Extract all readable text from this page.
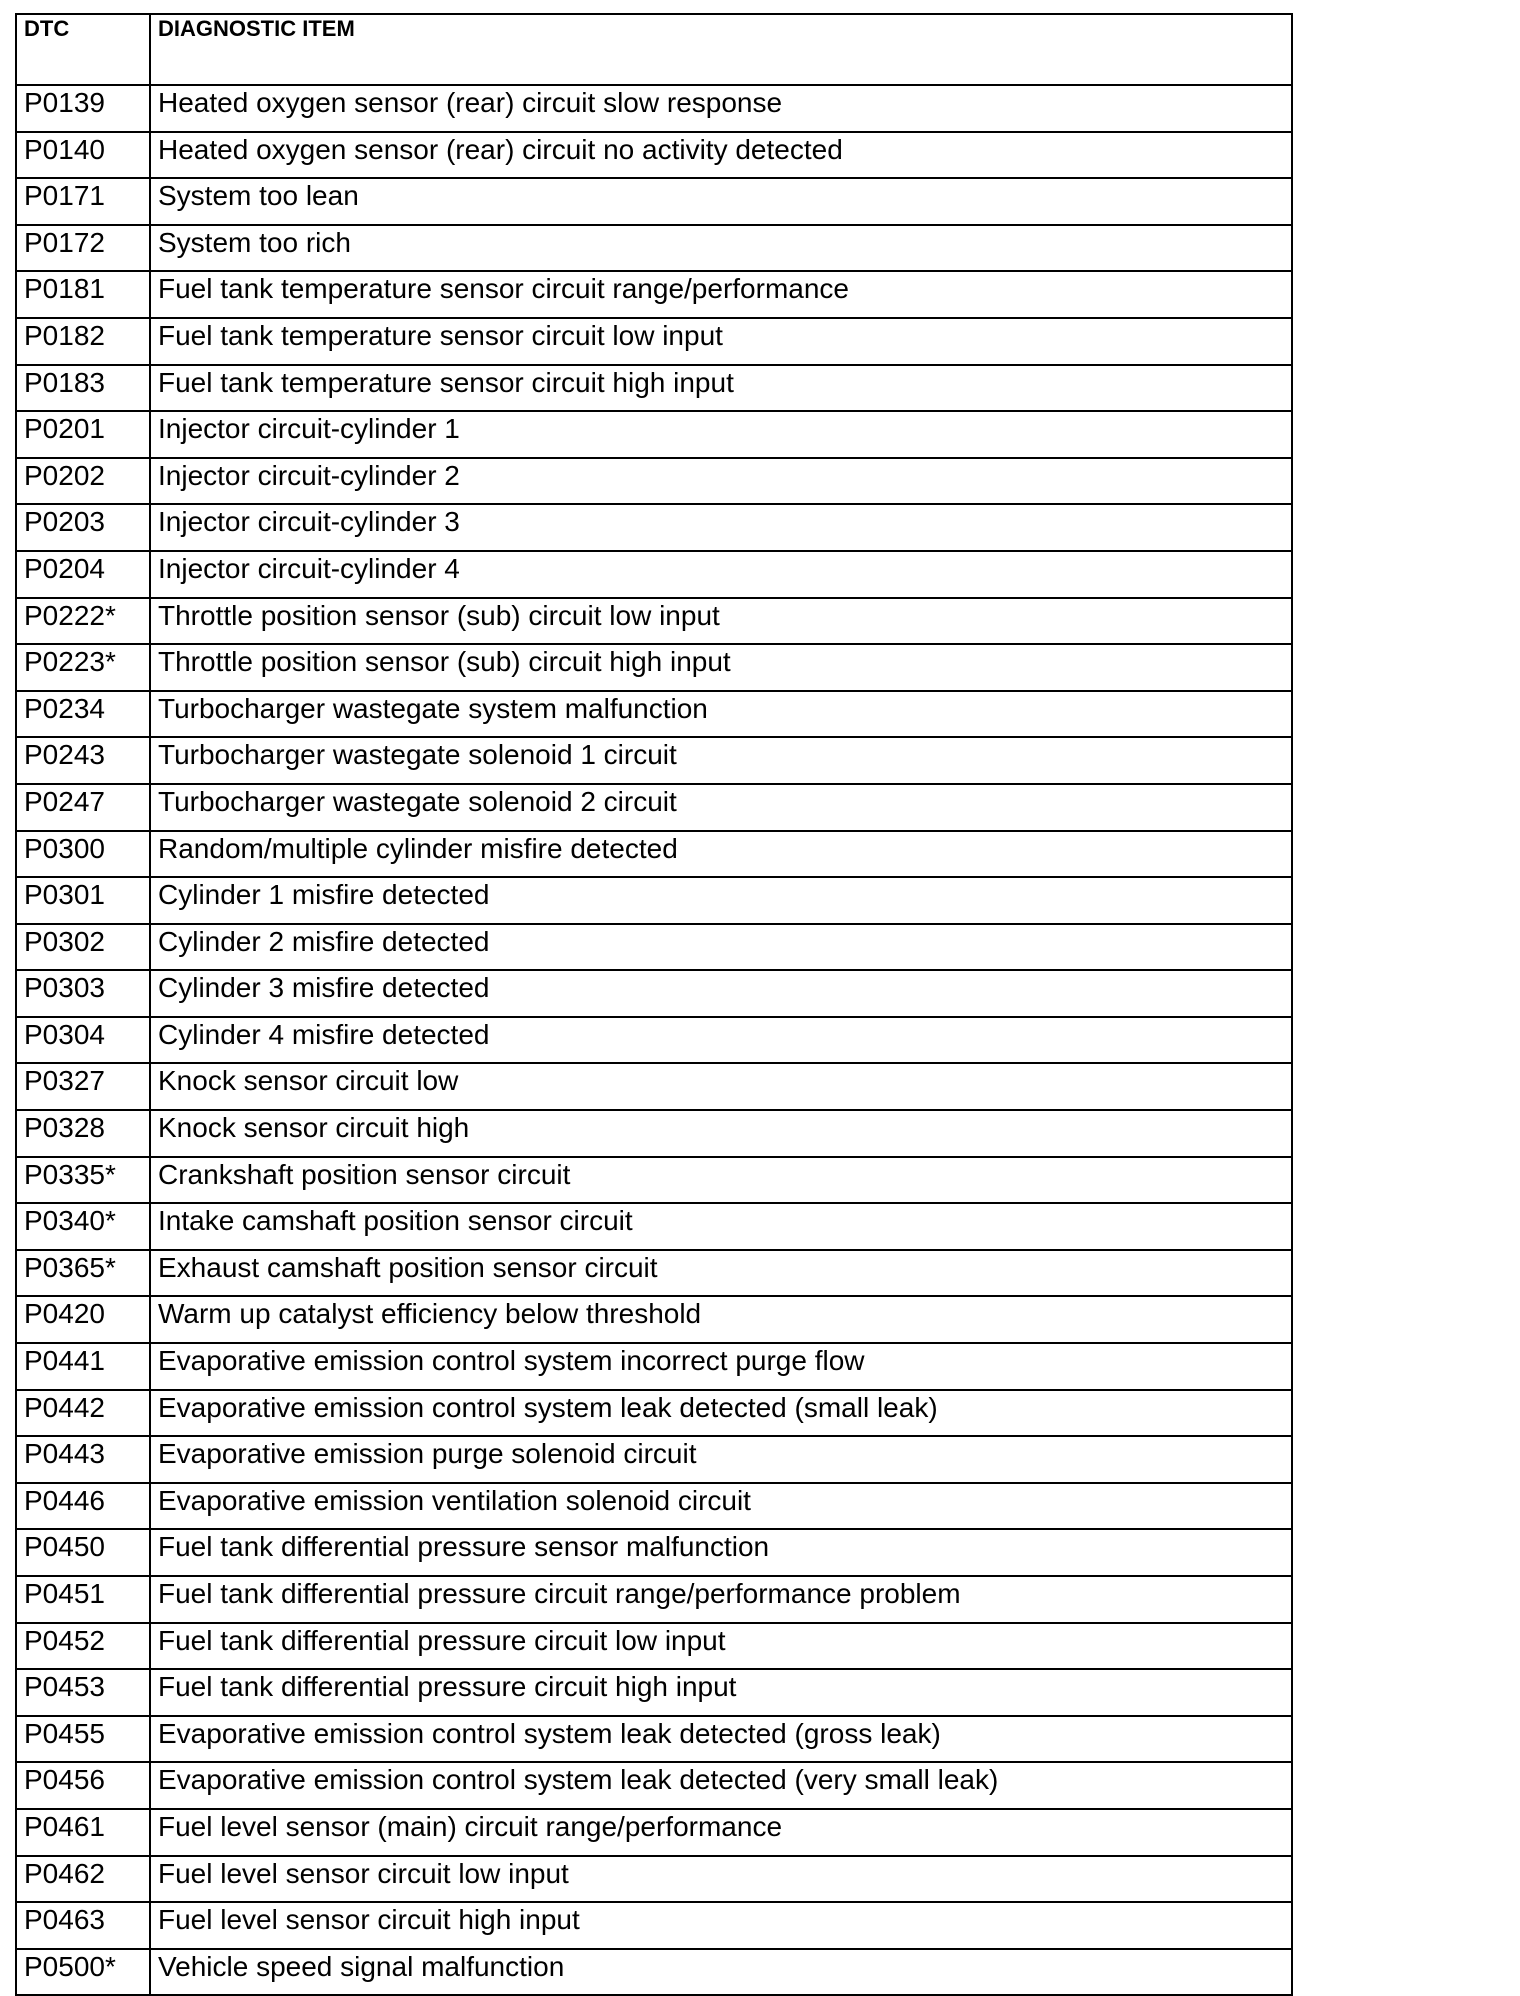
DTC	DIAGNOSTIC ITEM
P0139	Heated oxygen sensor (rear) circuit slow response
P0140	Heated oxygen sensor (rear) circuit no activity detected
P0171	System too lean
P0172	System too rich
P0181	Fuel tank temperature sensor circuit range/performance
P0182	Fuel tank temperature sensor circuit low input
P0183	Fuel tank temperature sensor circuit high input
P0201	Injector circuit-cylinder 1
P0202	Injector circuit-cylinder 2
P0203	Injector circuit-cylinder 3
P0204	Injector circuit-cylinder 4
P0222*	Throttle position sensor (sub) circuit low input
P0223*	Throttle position sensor (sub) circuit high input
P0234	Turbocharger wastegate system malfunction
P0243	Turbocharger wastegate solenoid 1 circuit
P0247	Turbocharger wastegate solenoid 2 circuit
P0300	Random/multiple cylinder misfire detected
P0301	Cylinder 1 misfire detected
P0302	Cylinder 2 misfire detected
P0303	Cylinder 3 misfire detected
P0304	Cylinder 4 misfire detected
P0327	Knock sensor circuit low
P0328	Knock sensor circuit high
P0335*	Crankshaft position sensor circuit
P0340*	Intake camshaft position sensor circuit
P0365*	Exhaust camshaft position sensor circuit
P0420	Warm up catalyst efficiency below threshold
P0441	Evaporative emission control system incorrect purge flow
P0442	Evaporative emission control system leak detected (small leak)
P0443	Evaporative emission purge solenoid circuit
P0446	Evaporative emission ventilation solenoid circuit
P0450	Fuel tank differential pressure sensor malfunction
P0451	Fuel tank differential pressure circuit range/performance problem
P0452	Fuel tank differential pressure circuit low input
P0453	Fuel tank differential pressure circuit high input
P0455	Evaporative emission control system leak detected (gross leak)
P0456	Evaporative emission control system leak detected (very small leak)
P0461	Fuel level sensor (main) circuit range/performance
P0462	Fuel level sensor circuit low input
P0463	Fuel level sensor circuit high input
P0500*	Vehicle speed signal malfunction
